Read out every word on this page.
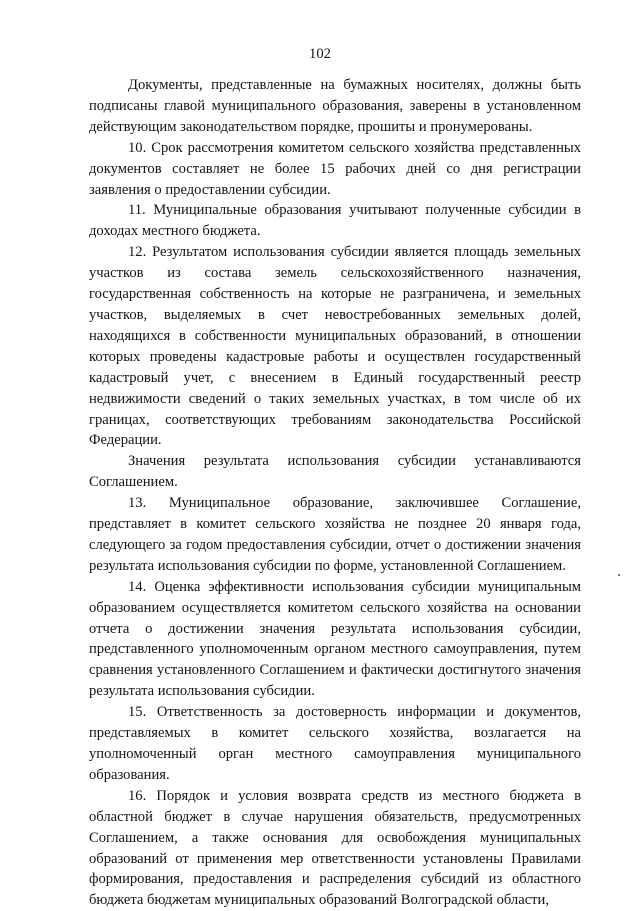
102

Документы, представленные на бумажных носителях, должны быть подписаны главой муниципального образования, заверены в установленном действующим законодательством порядке, прошиты и пронумерованы.

10. Срок рассмотрения комитетом сельского хозяйства представленных документов составляет не более 15 рабочих дней со дня регистрации заявления о предоставлении субсидии.

11. Муниципальные образования учитывают полученные субсидии в доходах местного бюджета.

12. Результатом использования субсидии является площадь земельных участков из состава земель сельскохозяйственного назначения, государственная собственность на которые не разграничена, и земельных участков, выделяемых в счет невостребованных земельных долей, находящихся в собственности муниципальных образований, в отношении которых проведены кадастровые работы и осуществлен государственный кадастровый учет, с внесением в Единый государственный реестр недвижимости сведений о таких земельных участках, в том числе об их границах, соответствующих требованиям законодательства Российской Федерации.

Значения результата использования субсидии устанавливаются Соглашением.

13. Муниципальное образование, заключившее Соглашение, представляет в комитет сельского хозяйства не позднее 20 января года, следующего за годом предоставления субсидии, отчет о достижении значения результата использования субсидии по форме, установленной Соглашением.

14. Оценка эффективности использования субсидии муниципальным образованием осуществляется комитетом сельского хозяйства на основании отчета о достижении значения результата использования субсидии, представленного уполномоченным органом местного самоуправления, путем сравнения установленного Соглашением и фактически достигнутого значения результата использования субсидии.

15. Ответственность за достоверность информации и документов, представляемых в комитет сельского хозяйства, возлагается на уполномоченный орган местного самоуправления муниципального образования.

16. Порядок и условия возврата средств из местного бюджета в областной бюджет в случае нарушения обязательств, предусмотренных Соглашением, а также основания для освобождения муниципальных образований от применения мер ответственности установлены Правилами формирования, предоставления и распределения субсидий из областного бюджета бюджетам муниципальных образований Волгоградской области,
